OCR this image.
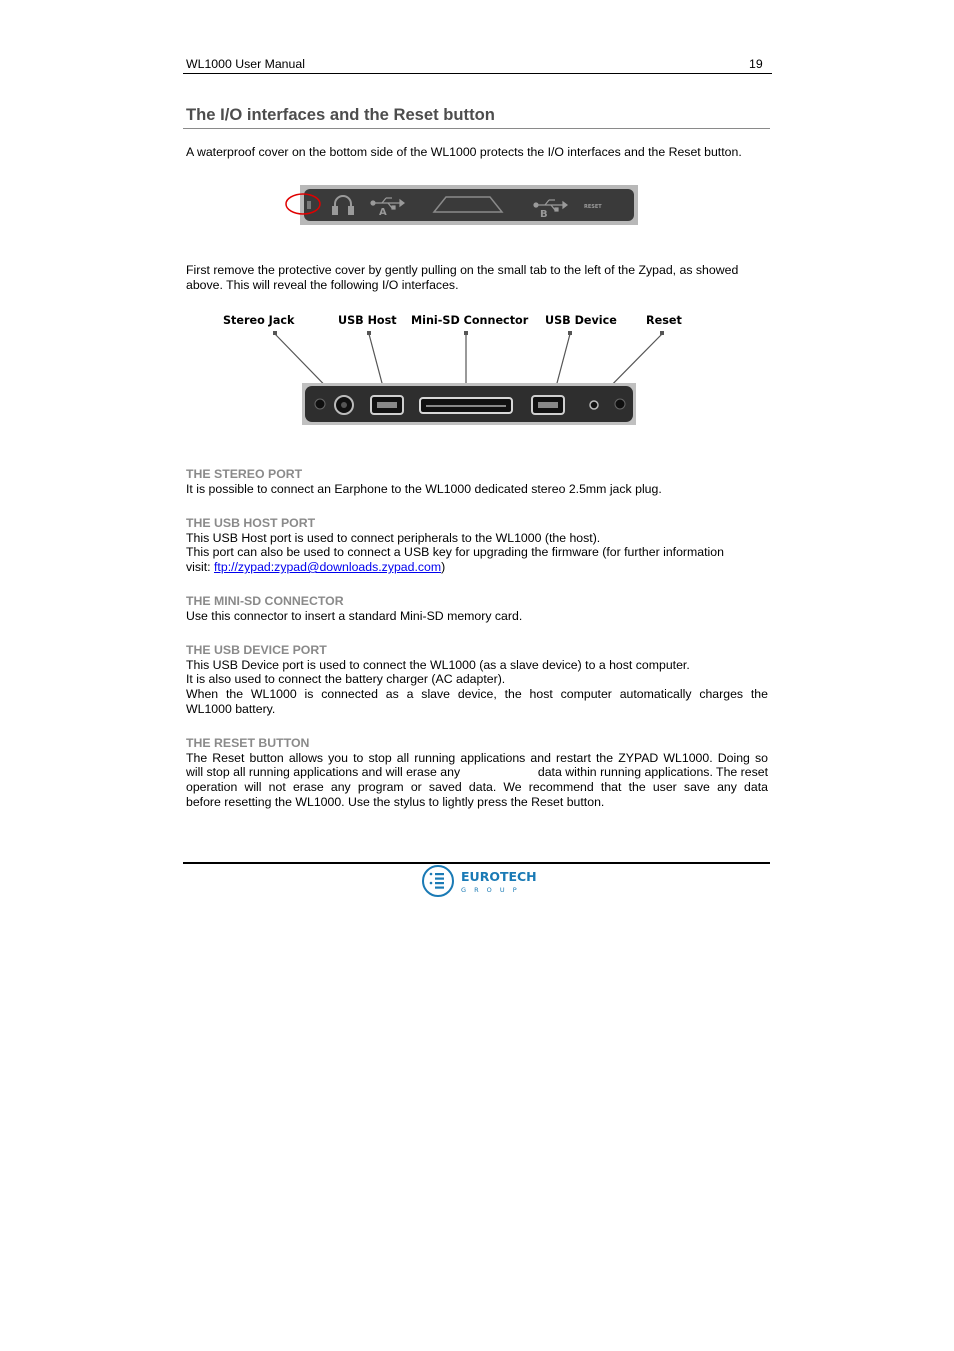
WL1000 User Manual	19
The I/O interfaces and the Reset button
A waterproof cover on the bottom side of the WL1000 protects the I/O interfaces and the Reset button.
A	B
RESET
First remove the protective cover by gently pulling on the small tab to the left of the Zypad, as showed
above. This will reveal the following I/O interfaces.
Stereo Jack	USB Host Mini-SD Connector USB Device	Reset
THE STEREO PORT
It is possible to connect an Earphone to the WL1000 dedicated stereo 2.5mm jack plug.
THE USB HOST PORT
This USB Host port is used to connect peripherals to the WL1000 (the host).
This port can also be used to connect a USB key for upgrading the firmware (for further information
visit: ftp://zypad:zypad@downloads.zypad.com)
THE MINI-SD CONNECTOR
Use this connector to insert a standard Mini-SD memory card.
THE USB DEVICE PORT
This USB Device port is used to connect the WL1000 (as a slave device) to a host computer.
It is also used to connect the battery charger (AC adapter).
When the WL1000 is connected as a slave device, the host computer automatically charges the
WL1000 battery.
THE RESET BUTTON
The Reset button allows you to stop all running applications and restart the ZYPAD WL1000. Doing so
will stop all running applications and will erase any	data within running applications. The reset
operation will not erase any program or saved data. We recommend that the user save any data
before resetting the WL1000. Use the stylus to lightly press the Reset button.
EUROTECH
G R O U P
